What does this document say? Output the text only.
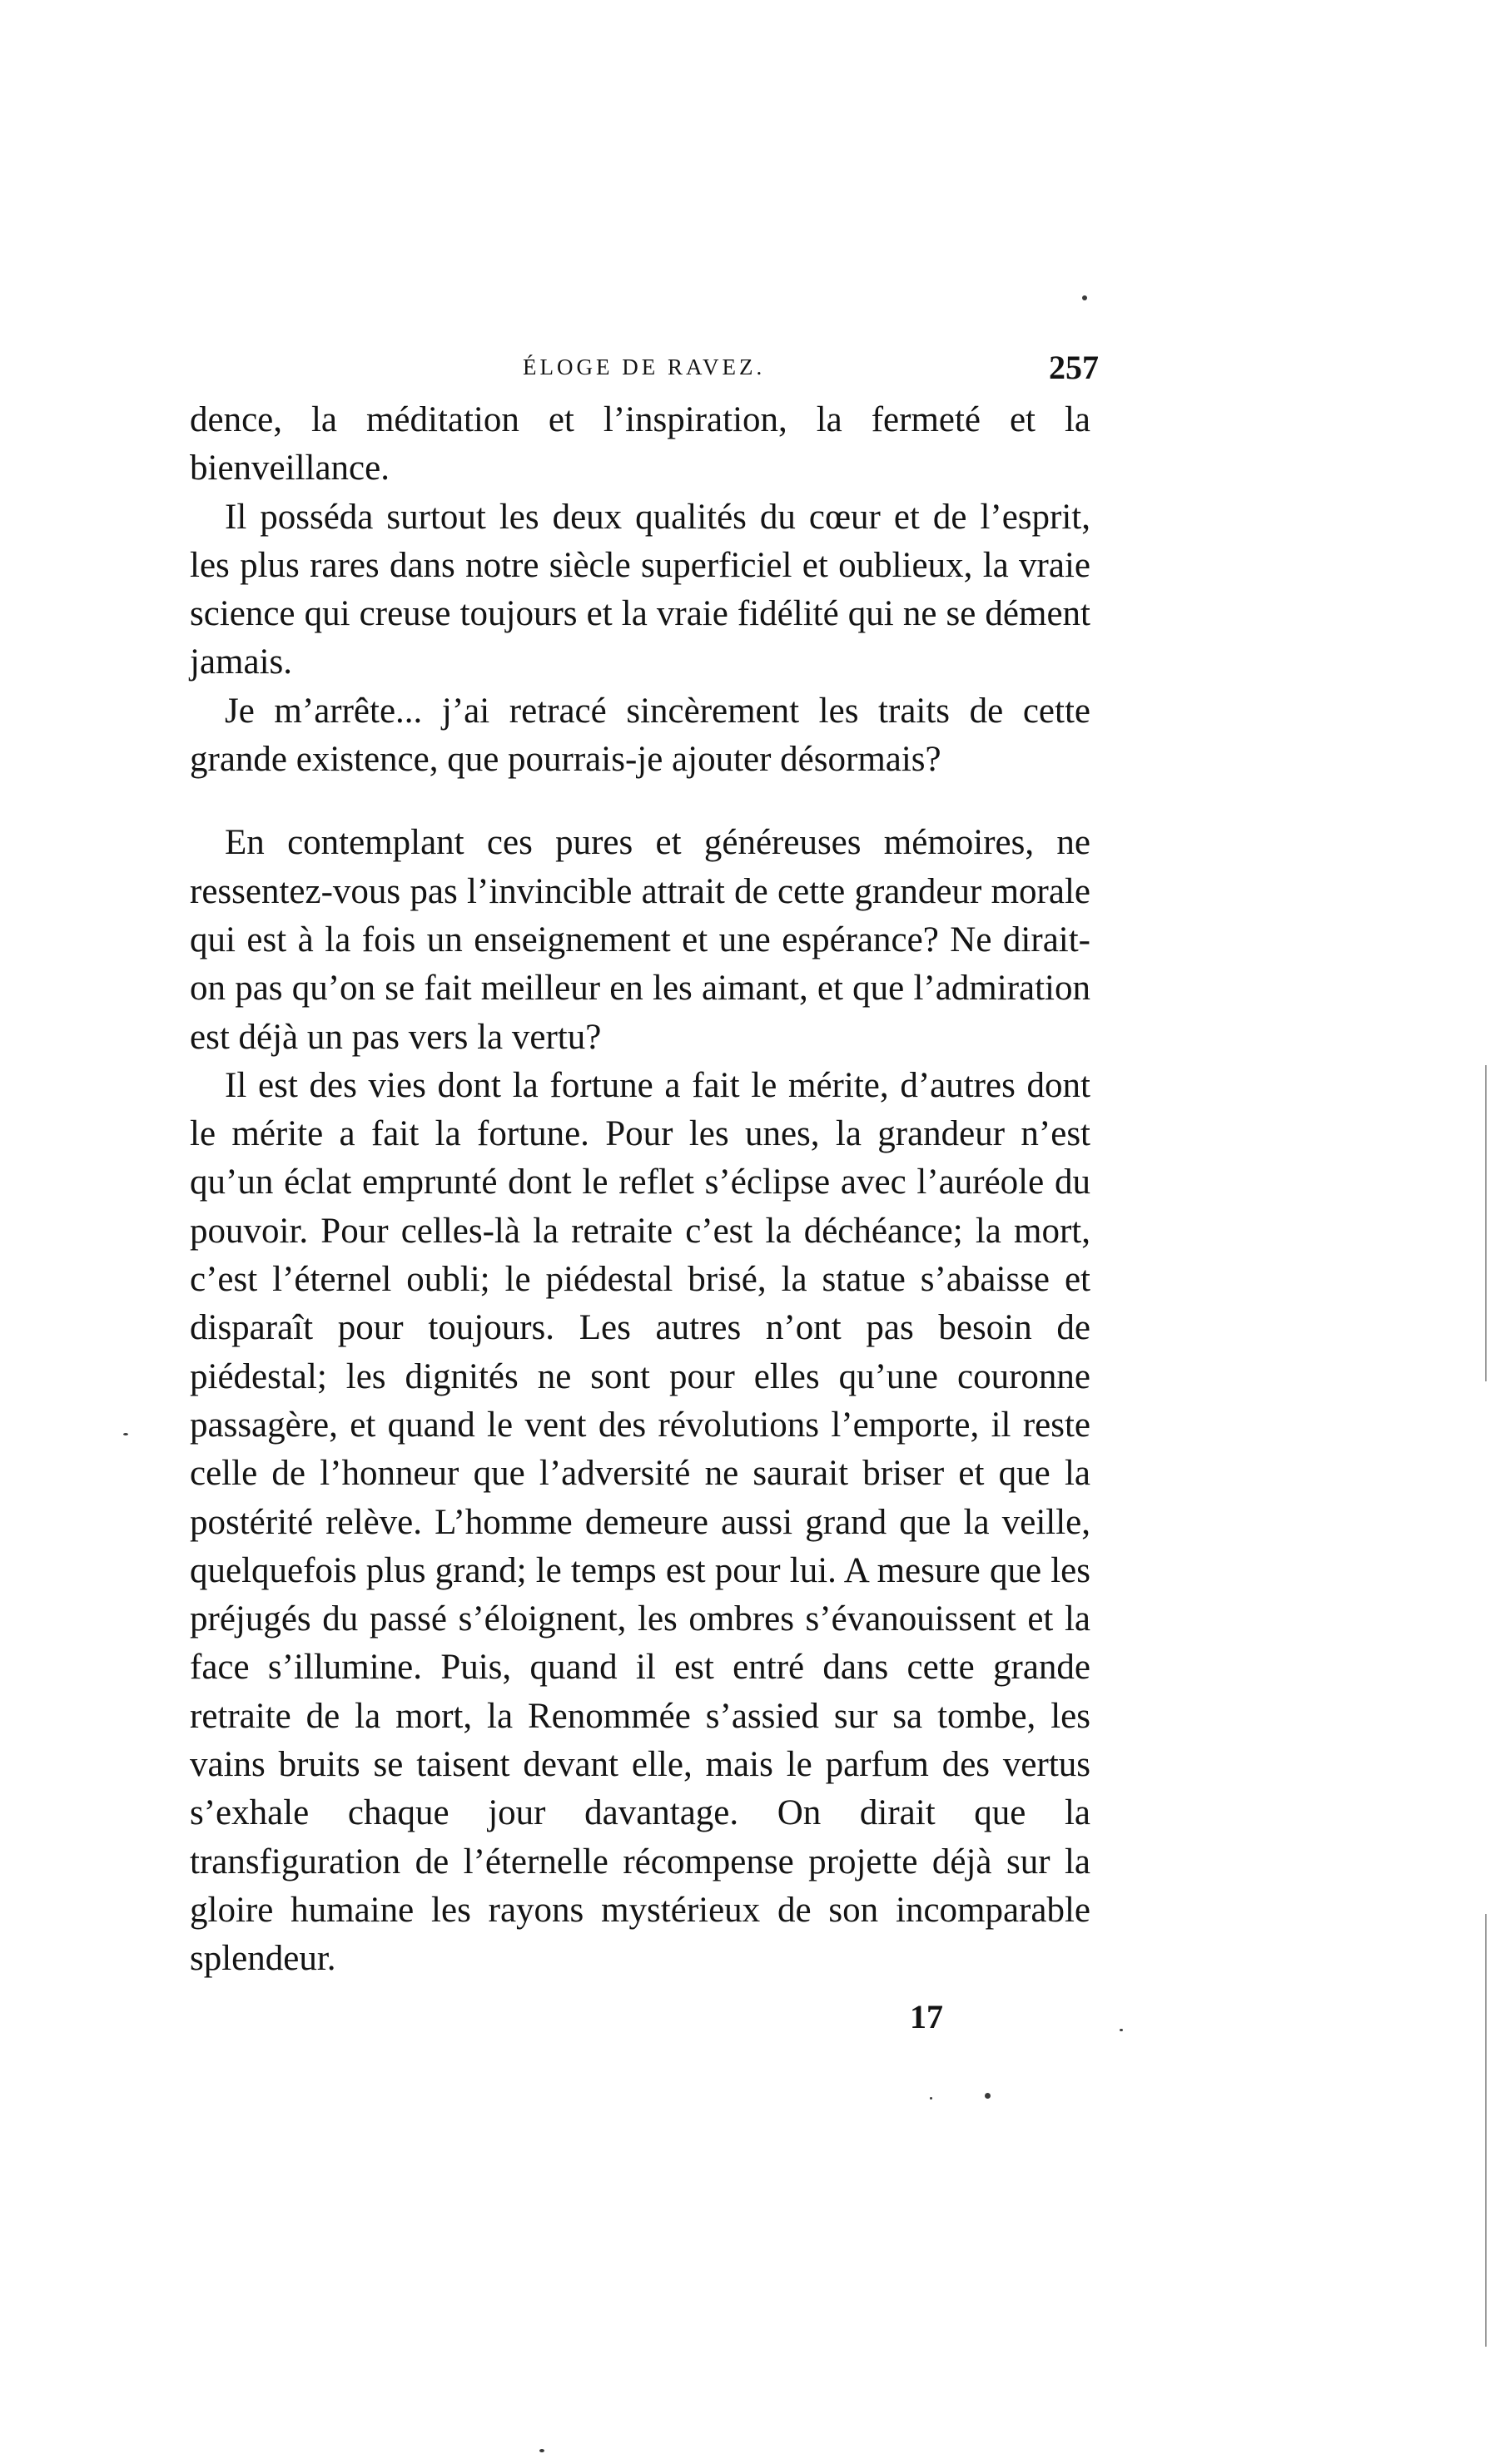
ÉLOGE DE RAVEZ.	257

dence, la méditation et l’inspiration, la fermeté et la bienveillance.

Il posséda surtout les deux qualités du cœur et de l’esprit, les plus rares dans notre siècle superficiel et oublieux, la vraie science qui creuse toujours et la vraie fidélité qui ne se dément jamais.

Je m’arrête... j’ai retracé sincèrement les traits de cette grande existence, que pourrais-je ajouter désormais?

En contemplant ces pures et généreuses mémoires, ne ressentez-vous pas l’invincible attrait de cette grandeur morale qui est à la fois un enseignement et une espérance? Ne dirait-on pas qu’on se fait meilleur en les aimant, et que l’admiration est déjà un pas vers la vertu?

Il est des vies dont la fortune a fait le mérite, d’autres dont le mérite a fait la fortune. Pour les unes, la grandeur n’est qu’un éclat emprunté dont le reflet s’éclipse avec l’auréole du pouvoir. Pour celles-là la retraite c’est la déchéance; la mort, c’est l’éternel oubli; le piédestal brisé, la statue s’abaisse et disparaît pour toujours. Les autres n’ont pas besoin de piédestal; les dignités ne sont pour elles qu’une couronne passagère, et quand le vent des révolutions l’emporte, il reste celle de l’honneur que l’adversité ne saurait briser et que la postérité relève. L’homme demeure aussi grand que la veille, quelquefois plus grand; le temps est pour lui. A mesure que les préjugés du passé s’éloignent, les ombres s’évanouissent et la face s’illumine. Puis, quand il est entré dans cette grande retraite de la mort, la Renommée s’assied sur sa tombe, les vains bruits se taisent devant elle, mais le parfum des vertus s’exhale chaque jour davantage. On dirait que la transfiguration de l’éternelle récompense projette déjà sur la gloire humaine les rayons mystérieux de son incomparable splendeur.

17
